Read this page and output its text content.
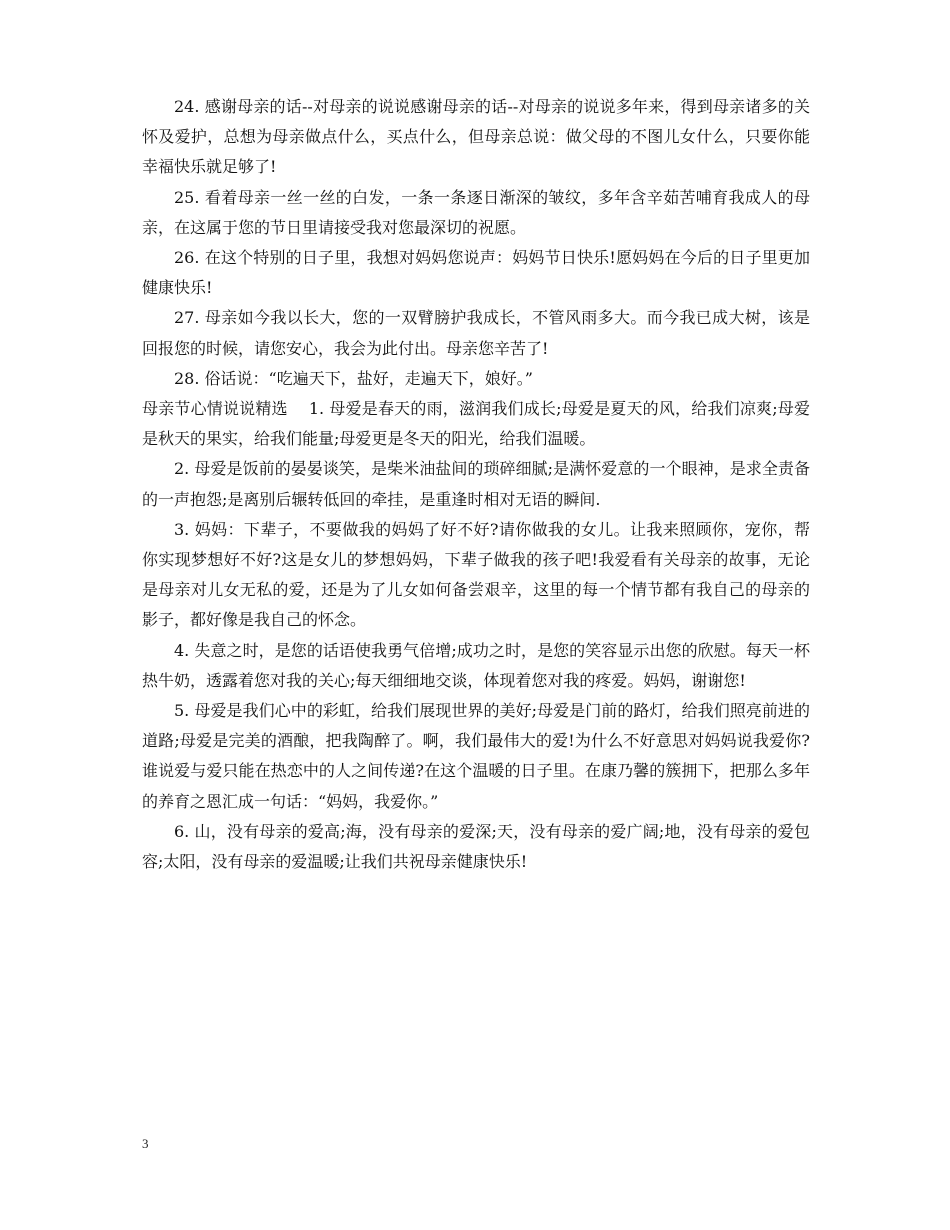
24. 感谢母亲的话--对母亲的说说感谢母亲的话--对母亲的说说多年来，得到母亲诸多的关怀及爱护，总想为母亲做点什么，买点什么，但母亲总说：做父母的不图儿女什么，只要你能幸福快乐就足够了!

25. 看着母亲一丝一丝的白发，一条一条逐日渐深的皱纹，多年含辛茹苦哺育我成人的母亲，在这属于您的节日里请接受我对您最深切的祝愿。

26. 在这个特别的日子里，我想对妈妈您说声：妈妈节日快乐!愿妈妈在今后的日子里更加健康快乐!

27. 母亲如今我以长大，您的一双臂膀护我成长，不管风雨多大。而今我已成大树，该是回报您的时候，请您安心，我会为此付出。母亲您辛苦了!

28. 俗话说：“吃遍天下，盐好，走遍天下，娘好。”

母亲节心情说说精选    1. 母爱是春天的雨，滋润我们成长;母爱是夏天的风，给我们凉爽;母爱是秋天的果实，给我们能量;母爱更是冬天的阳光，给我们温暖。

2. 母爱是饭前的晏晏谈笑，是柴米油盐间的琐碎细腻;是满怀爱意的一个眼神，是求全责备的一声抱怨;是离别后辗转低回的牵挂，是重逢时相对无语的瞬间.

3. 妈妈：下辈子，不要做我的妈妈了好不好?请你做我的女儿。让我来照顾你，宠你，帮你实现梦想好不好?这是女儿的梦想妈妈，下辈子做我的孩子吧!我爱看有关母亲的故事，无论是母亲对儿女无私的爱，还是为了儿女如何备尝艰辛，这里的每一个情节都有我自己的母亲的影子，都好像是我自己的怀念。

4. 失意之时，是您的话语使我勇气倍增;成功之时，是您的笑容显示出您的欣慰。每天一杯热牛奶，透露着您对我的关心;每天细细地交谈，体现着您对我的疼爱。妈妈，谢谢您!

5. 母爱是我们心中的彩虹，给我们展现世界的美好;母爱是门前的路灯，给我们照亮前进的道路;母爱是完美的酒酿，把我陶醉了。啊，我们最伟大的爱!为什么不好意思对妈妈说我爱你?谁说爱与爱只能在热恋中的人之间传递?在这个温暖的日子里。在康乃馨的簇拥下，把那么多年的养育之恩汇成一句话：“妈妈，我爱你。”

6. 山，没有母亲的爱高;海，没有母亲的爱深;天，没有母亲的爱广阔;地，没有母亲的爱包容;太阳，没有母亲的爱温暖;让我们共祝母亲健康快乐!

3
